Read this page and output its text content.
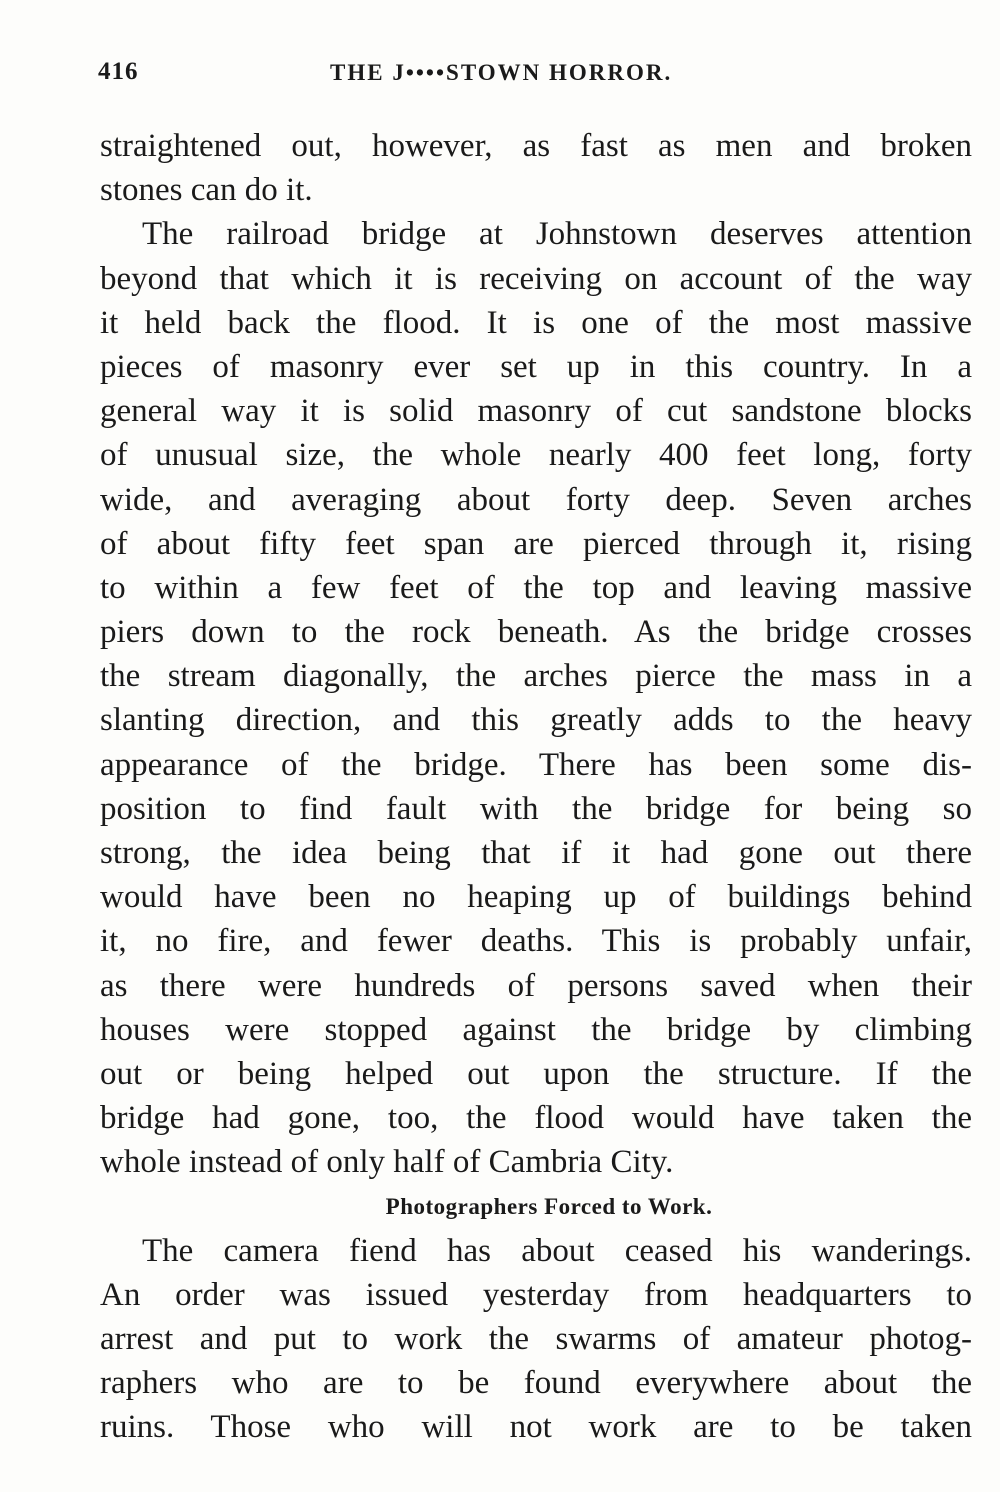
416	THE J••••STOWN HORROR.
straightened out, however, as fast as men and broken
stones can do it.
The railroad bridge at Johnstown deserves attention
beyond that which it is receiving on account of the way
it held back the flood. It is one of the most massive
pieces of masonry ever set up in this country. In a
general way it is solid masonry of cut sandstone blocks
of unusual size, the whole nearly 400 feet long, forty
wide, and averaging about forty deep. Seven arches
of about fifty feet span are pierced through it, rising
to within a few feet of the top and leaving massive
piers down to the rock beneath. As the bridge crosses
the stream diagonally, the arches pierce the mass in a
slanting direction, and this greatly adds to the heavy
appearance of the bridge. There has been some dis-
position to find fault with the bridge for being so
strong, the idea being that if it had gone out there
would have been no heaping up of buildings behind
it, no fire, and fewer deaths. This is probably unfair,
as there were hundreds of persons saved when their
houses were stopped against the bridge by climbing
out or being helped out upon the structure. If the
bridge had gone, too, the flood would have taken the
whole instead of only half of Cambria City.
Photographers Forced to Work.
The camera fiend has about ceased his wanderings.
An order was issued yesterday from headquarters to
arrest and put to work the swarms of amateur photog-
raphers who are to be found everywhere about the
ruins. Those who will not work are to be taken
